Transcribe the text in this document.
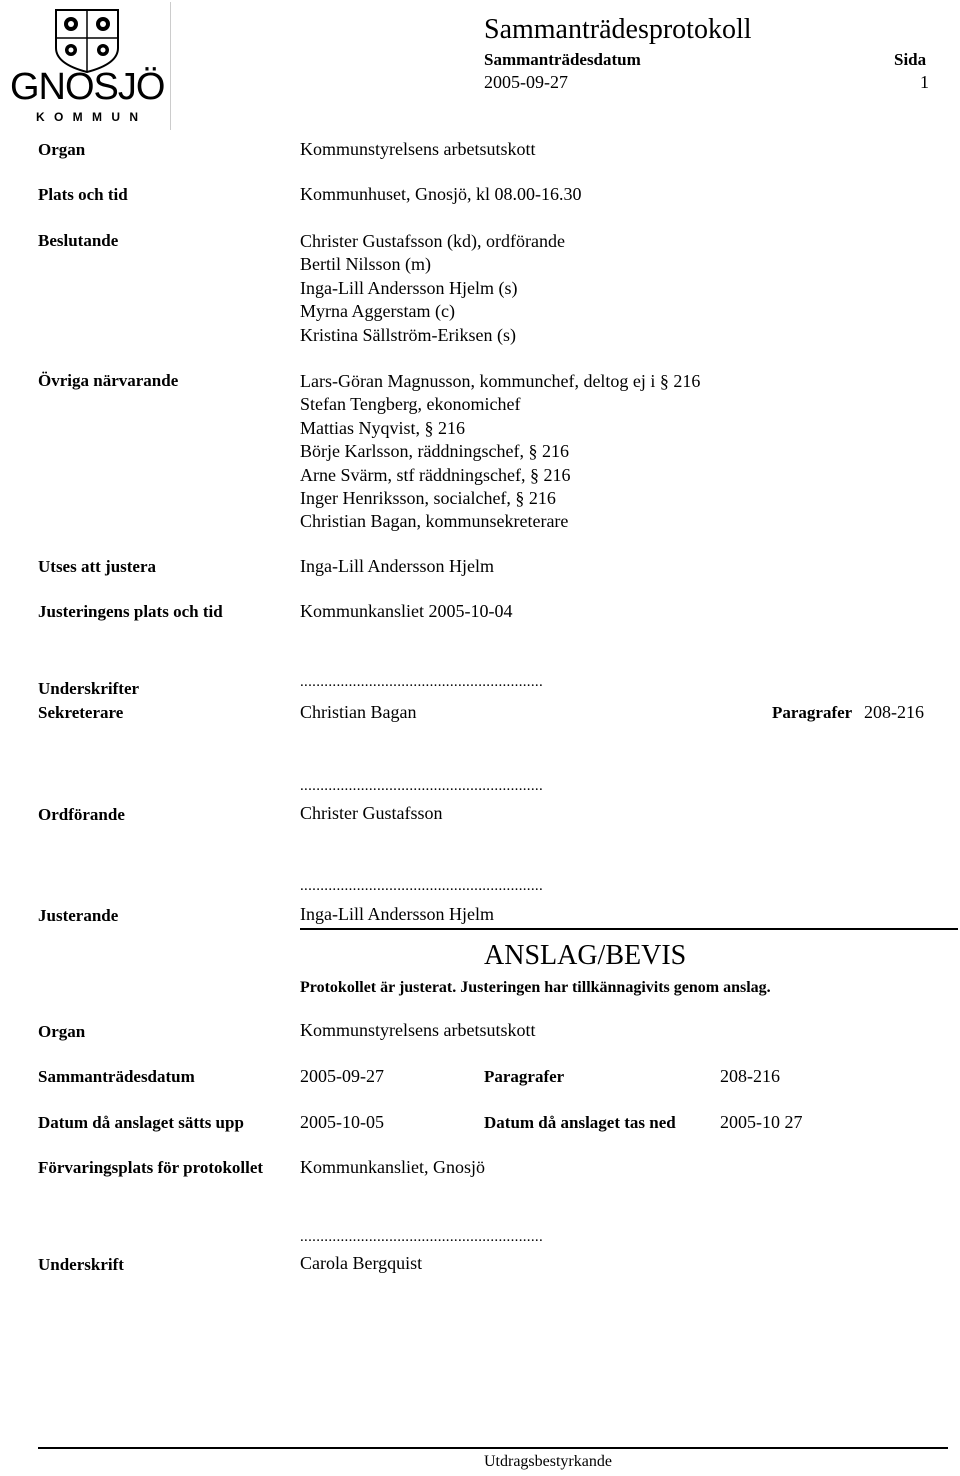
GNOSJÖ
K O M M U N
Sammanträdesprotokoll
Sammanträdesdatum	Sida
2005-09-27	1
Organ	Kommunstyrelsens arbetsutskott
Plats och tid	Kommunhuset, Gnosjö, kl 08.00-16.30
Beslutande	Christer Gustafsson (kd), ordförande
Bertil Nilsson (m)
Inga-Lill Andersson Hjelm (s)
Myrna Aggerstam (c)
Kristina Sällström-Eriksen (s)
Övriga närvarande	Lars-Göran Magnusson, kommunchef, deltog ej i § 216
Stefan Tengberg, ekonomichef
Mattias Nyqvist, § 216
Börje Karlsson, räddningschef, § 216
Arne Svärm, stf räddningschef, § 216
Inger Henriksson, socialchef, § 216
Christian Bagan, kommunsekreterare
Utses att justera	Inga-Lill Andersson Hjelm
Justeringens plats och tid	Kommunkansliet 2005-10-04
Underskrifter	............................................................
Sekreterare	Christian Bagan	Paragrafer 208-216
............................................................
Ordförande	Christer Gustafsson
............................................................
Justerande	Inga-Lill Andersson Hjelm
ANSLAG/BEVIS
Protokollet är justerat. Justeringen har tillkännagivits genom anslag.
Organ	Kommunstyrelsens arbetsutskott
Sammanträdesdatum	2005-09-27	Paragrafer	208-216
Datum då anslaget sätts upp	2005-10-05	Datum då anslaget tas ned 2005-10 27
Förvaringsplats för protokollet Kommunkansliet, Gnosjö
............................................................
Underskrift	Carola Bergquist
Utdragsbestyrkande
